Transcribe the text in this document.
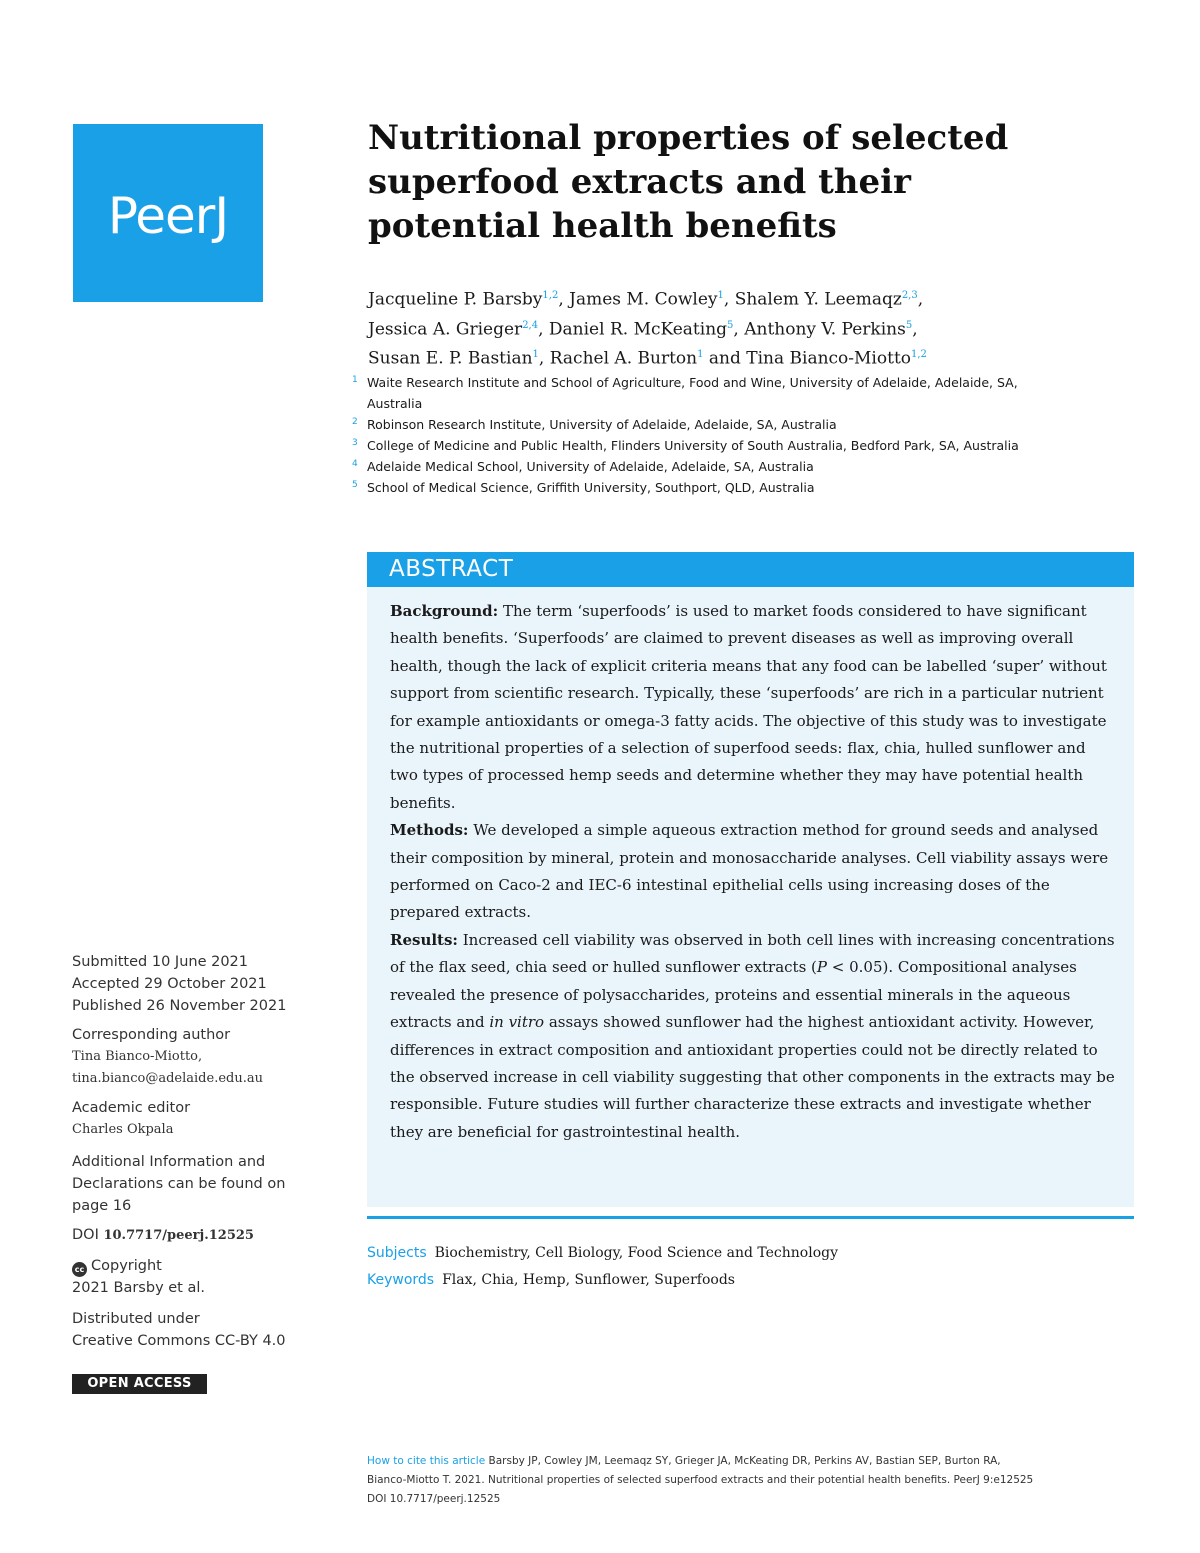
PeerJ
Nutritional properties of selected superfood extracts and their potential health benefits
Jacqueline P. Barsby$^{1,2}$, James M. Cowley$^1$, Shalem Y. Leemaqz$^{2,3}$,
Jessica A. Grieger$^{2,4}$, Daniel R. McKeating$^5$, Anthony V. Perkins$^5$,
Susan E. P. Bastian$^1$, Rachel A. Burton$^1$ and Tina Bianco-Miotto$^{1,2}$
1 Waite Research Institute and School of Agriculture, Food and Wine, University of Adelaide, Adelaide, SA, Australia
2 Robinson Research Institute, University of Adelaide, Adelaide, SA, Australia
3 College of Medicine and Public Health, Flinders University of South Australia, Bedford Park, SA, Australia
4 Adelaide Medical School, University of Adelaide, Adelaide, SA, Australia
5 School of Medical Science, Griffith University, Southport, QLD, Australia
ABSTRACT

Background: The term ‘superfoods’ is used to market foods considered to have significant health benefits. ‘Superfoods’ are claimed to prevent diseases as well as improving overall health, though the lack of explicit criteria means that any food can be labelled ‘super’ without support from scientific research. Typically, these ‘superfoods’ are rich in a particular nutrient for example antioxidants or omega-3 fatty acids. The objective of this study was to investigate the nutritional properties of a selection of superfood seeds: flax, chia, hulled sunflower and two types of processed hemp seeds and determine whether they may have potential health benefits.

Methods: We developed a simple aqueous extraction method for ground seeds and analysed their composition by mineral, protein and monosaccharide analyses. Cell viability assays were performed on Caco-2 and IEC-6 intestinal epithelial cells using increasing doses of the prepared extracts.

Results: Increased cell viability was observed in both cell lines with increasing concentrations of the flax seed, chia seed or hulled sunflower extracts (P < 0.05). Compositional analyses revealed the presence of polysaccharides, proteins and essential minerals in the aqueous extracts and in vitro assays showed sunflower had the highest antioxidant activity. However, differences in extract composition and antioxidant properties could not be directly related to the observed increase in cell viability suggesting that other components in the extracts may be responsible. Future studies will further characterize these extracts and investigate whether they are beneficial for gastrointestinal health.

Subjects Biochemistry, Cell Biology, Food Science and Technology
Keywords Flax, Chia, Hemp, Sunflower, Superfoods
Submitted 10 June 2021
Accepted 29 October 2021
Published 26 November 2021
Corresponding author
Tina Bianco-Miotto,
tina.bianco@adelaide.edu.au
Academic editor
Charles Okpala
Additional Information and
Declarations can be found on
page 16
DOI 10.7717/peerj.12525
cc Copyright
2021 Barsby et al.
Distributed under
Creative Commons CC-BY 4.0
OPEN ACCESS
How to cite this article Barsby JP, Cowley JM, Leemaqz SY, Grieger JA, McKeating DR, Perkins AV, Bastian SEP, Burton RA,
Bianco-Miotto T. 2021. Nutritional properties of selected superfood extracts and their potential health benefits. PeerJ 9:e12525
DOI 10.7717/peerj.12525
